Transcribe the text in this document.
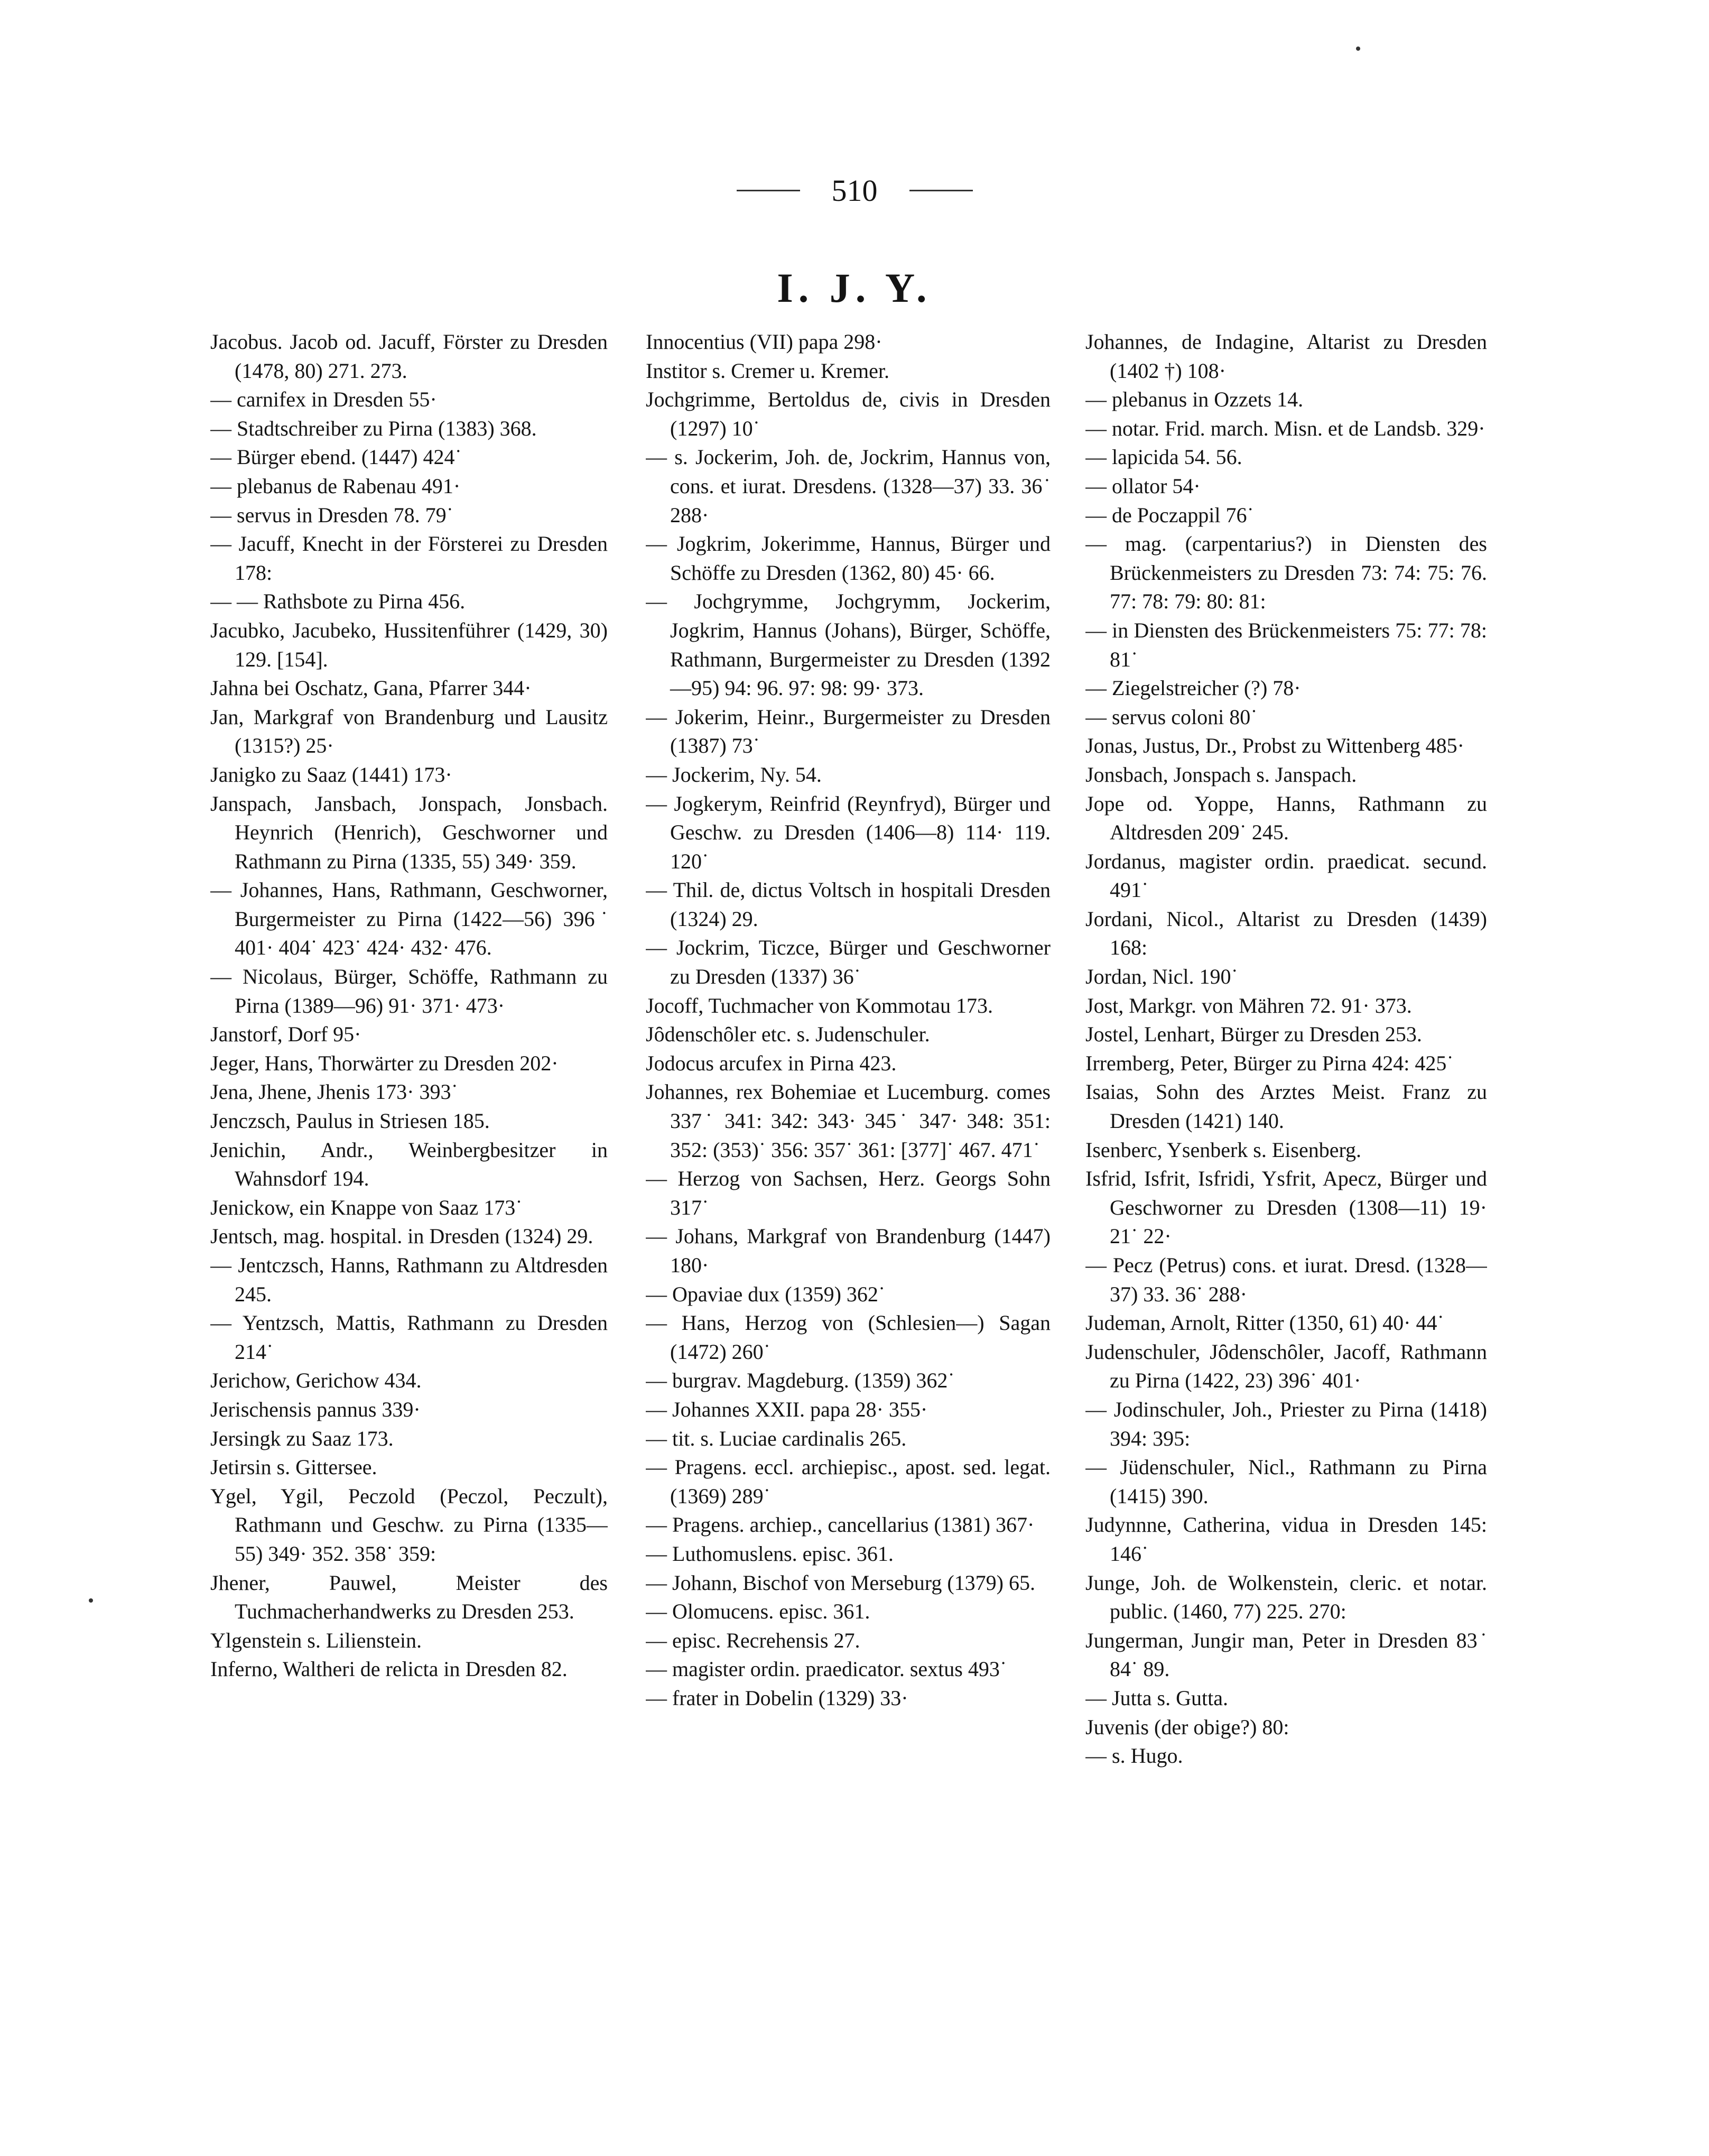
510
I. J. Y.

Jacobus. Jacob od. Jacuff, Förster zu Dresden (1478, 80) 271. 273.

— carnifex in Dresden 55·

— Stadtschreiber zu Pirna (1383) 368.

— Bürger ebend. (1447) 424˙

— plebanus de Rabenau 491·

— servus in Dresden 78. 79˙

— Jacuff, Knecht in der Försterei zu Dresden 178:

— — Rathsbote zu Pirna 456.

Jacubko, Jacubeko, Hussitenführer (1429, 30) 129. [154].

Jahna bei Oschatz, Gana, Pfarrer 344·

Jan, Markgraf von Brandenburg und Lausitz (1315?) 25·

Janigko zu Saaz (1441) 173·

Janspach, Jansbach, Jonspach, Jonsbach. Heynrich (Henrich), Geschworner und Rathmann zu Pirna (1335, 55) 349· 359.

— Johannes, Hans, Rathmann, Geschworner, Burgermeister zu Pirna (1422—56) 396˙ 401· 404˙ 423˙ 424· 432· 476.

— Nicolaus, Bürger, Schöffe, Rathmann zu Pirna (1389—96) 91· 371· 473·

Janstorf, Dorf 95·

Jeger, Hans, Thorwärter zu Dresden 202·

Jena, Jhene, Jhenis 173· 393˙

Jenczsch, Paulus in Striesen 185.

Jenichin, Andr., Weinbergbesitzer in Wahnsdorf 194.

Jenickow, ein Knappe von Saaz 173˙

Jentsch, mag. hospital. in Dresden (1324) 29.

— Jentczsch, Hanns, Rathmann zu Altdresden 245.

— Yentzsch, Mattis, Rathmann zu Dresden 214˙

Jerichow, Gerichow 434.

Jerischensis pannus 339·

Jersingk zu Saaz 173.

Jetirsin s. Gittersee.

Ygel, Ygil, Peczold (Peczol, Peczult), Rathmann und Geschw. zu Pirna (1335—55) 349· 352. 358˙ 359:

Jhener, Pauwel, Meister des Tuchmacherhandwerks zu Dresden 253.

Ylgenstein s. Lilienstein.

Inferno, Waltheri de relicta in Dresden 82.

Innocentius (VII) papa 298·

Institor s. Cremer u. Kremer.

Jochgrimme, Bertoldus de, civis in Dresden (1297) 10˙

— s. Jockerim, Joh. de, Jockrim, Hannus von, cons. et iurat. Dresdens. (1328—37) 33. 36˙ 288·

— Jogkrim, Jokerimme, Hannus, Bürger und Schöffe zu Dresden (1362, 80) 45· 66.

— Jochgrymme, Jochgrymm, Jockerim, Jogkrim, Hannus (Johans), Bürger, Schöffe, Rathmann, Burgermeister zu Dresden (1392—95) 94: 96. 97: 98: 99· 373.

— Jokerim, Heinr., Burgermeister zu Dresden (1387) 73˙

— Jockerim, Ny. 54.

— Jogkerym, Reinfrid (Reynfryd), Bürger und Geschw. zu Dresden (1406—8) 114· 119. 120˙

— Thil. de, dictus Voltsch in hospitali Dresden (1324) 29.

— Jockrim, Ticzce, Bürger und Geschworner zu Dresden (1337) 36˙

Jocoff, Tuchmacher von Kommotau 173.

Jȏdenschȏler etc. s. Judenschuler.

Jodocus arcufex in Pirna 423.

Johannes, rex Bohemiae et Lucemburg. comes 337˙ 341: 342: 343· 345˙ 347· 348: 351: 352: (353)˙ 356: 357˙ 361: [377]˙ 467. 471˙

— Herzog von Sachsen, Herz. Georgs Sohn 317˙

— Johans, Markgraf von Brandenburg (1447) 180·

— Opaviae dux (1359) 362˙

— Hans, Herzog von (Schlesien—) Sagan (1472) 260˙

— burgrav. Magdeburg. (1359) 362˙

— Johannes XXII. papa 28· 355·

— tit. s. Luciae cardinalis 265.

— Pragens. eccl. archiepisc., apost. sed. legat. (1369) 289˙

— Pragens. archiep., cancellarius (1381) 367·

— Luthomuslens. episc. 361.

— Johann, Bischof von Merseburg (1379) 65.

— Olomucens. episc. 361.

— episc. Recrehensis 27.

— magister ordin. praedicator. sextus 493˙

— frater in Dobelin (1329) 33·

Johannes, de Indagine, Altarist zu Dresden (1402 †) 108·

— plebanus in Ozzets 14.

— notar. Frid. march. Misn. et de Landsb. 329·

— lapicida 54. 56.

— ollator 54·

— de Poczappil 76˙

— mag. (carpentarius?) in Diensten des Brückenmeisters zu Dresden 73: 74: 75: 76. 77: 78: 79: 80: 81:

— in Diensten des Brückenmeisters 75: 77: 78: 81˙

— Ziegelstreicher (?) 78·

— servus coloni 80˙

Jonas, Justus, Dr., Probst zu Wittenberg 485·

Jonsbach, Jonspach s. Janspach.

Jope od. Yoppe, Hanns, Rathmann zu Altdresden 209˙ 245.

Jordanus, magister ordin. praedicat. secund. 491˙

Jordani, Nicol., Altarist zu Dresden (1439) 168:

Jordan, Nicl. 190˙

Jost, Markgr. von Mähren 72. 91· 373.

Jostel, Lenhart, Bürger zu Dresden 253.

Irremberg, Peter, Bürger zu Pirna 424: 425˙

Isaias, Sohn des Arztes Meist. Franz zu Dresden (1421) 140.

Isenberc, Ysenberk s. Eisenberg.

Isfrid, Isfrit, Isfridi, Ysfrit, Apecz, Bürger und Geschworner zu Dresden (1308—11) 19· 21˙ 22·

— Pecz (Petrus) cons. et iurat. Dresd. (1328—37) 33. 36˙ 288·

Judeman, Arnolt, Ritter (1350, 61) 40· 44˙

Judenschuler, Jȏdenschȏler, Jacoff, Rathmann zu Pirna (1422, 23) 396˙ 401·

— Jodinschuler, Joh., Priester zu Pirna (1418) 394: 395:

— Jüdenschuler, Nicl., Rathmann zu Pirna (1415) 390.

Judynnne, Catherina, vidua in Dresden 145: 146˙

Junge, Joh. de Wolkenstein, cleric. et notar. public. (1460, 77) 225. 270:

Jungerman, Jungir man, Peter in Dresden 83˙ 84˙ 89.

— Jutta s. Gutta.

Juvenis (der obige?) 80:

— s. Hugo.
